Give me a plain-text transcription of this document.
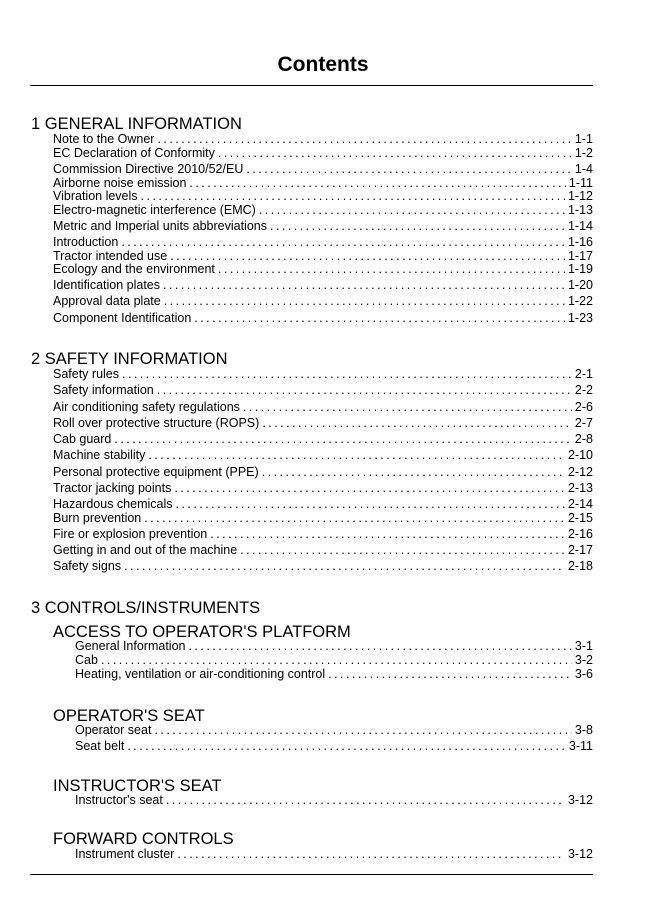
Contents
1 GENERAL INFORMATION
Note to the Owner . . .	1-1
EC Declaration of Conformity . . .	1-2
Commission Directive 2010/52/EU . . .	1-4
Airborne noise emission . . .	1-11
Vibration levels . . .	1-12
Electro-magnetic interference (EMC) . . .	1-13
Metric and Imperial units abbreviations . . .	1-14
Introduction . . .	1-16
Tractor intended use . . .	1-17
Ecology and the environment . . .	1-19
Identification plates . . .	1-20
Approval data plate . . .	1-22
Component Identification . . .	1-23
2 SAFETY INFORMATION
Safety rules . . .	2-1
Safety information . . .	2-2
Air conditioning safety regulations . . .	2-6
Roll over protective structure (ROPS) . . .	2-7
Cab guard . . .	2-8
Machine stability . . .	2-10
Personal protective equipment (PPE) . . .	2-12
Tractor jacking points . . .	2-13
Hazardous chemicals . . .	2-14
Burn prevention . . .	2-15
Fire or explosion prevention . . .	2-16
Getting in and out of the machine . . .	2-17
Safety signs . . .	2-18
3 CONTROLS/INSTRUMENTS
ACCESS TO OPERATOR'S PLATFORM
General Information . . .	3-1
Cab . . .	3-2
Heating, ventilation or air-conditioning control . . .	3-6
OPERATOR'S SEAT
Operator seat . . .	3-8
Seat belt . . .	3-11
INSTRUCTOR'S SEAT
Instructor's seat . . .	3-12
FORWARD CONTROLS
Instrument cluster . . .	3-12
